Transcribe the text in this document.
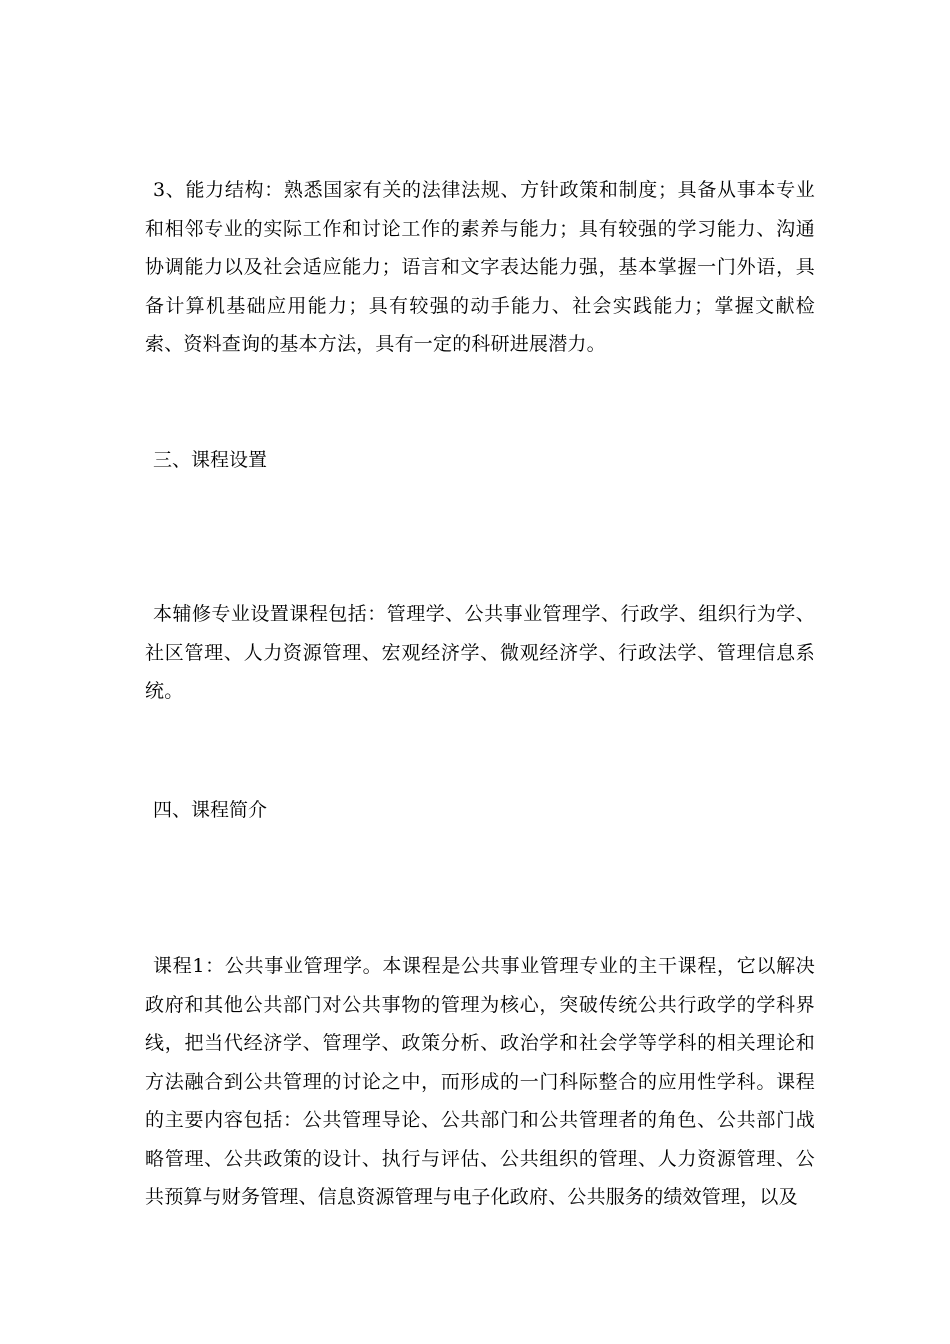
3、能力结构：熟悉国家有关的法律法规、方针政策和制度；具备从事本专业和相邻专业的实际工作和讨论工作的素养与能力；具有较强的学习能力、沟通协调能力以及社会适应能力；语言和文字表达能力强，基本掌握一门外语，具备计算机基础应用能力；具有较强的动手能力、社会实践能力；掌握文献检索、资料查询的基本方法，具有一定的科研进展潜力。

三、课程设置

本辅修专业设置课程包括：管理学、公共事业管理学、行政学、组织行为学、社区管理、人力资源管理、宏观经济学、微观经济学、行政法学、管理信息系统。

四、课程简介

课程1：公共事业管理学。本课程是公共事业管理专业的主干课程，它以解决政府和其他公共部门对公共事物的管理为核心，突破传统公共行政学的学科界线，把当代经济学、管理学、政策分析、政治学和社会学等学科的相关理论和方法融合到公共管理的讨论之中，而形成的一门科际整合的应用性学科。课程的主要内容包括：公共管理导论、公共部门和公共管理者的角色、公共部门战略管理、公共政策的设计、执行与评估、公共组织的管理、人力资源管理、公共预算与财务管理、信息资源管理与电子化政府、公共服务的绩效管理，以及
